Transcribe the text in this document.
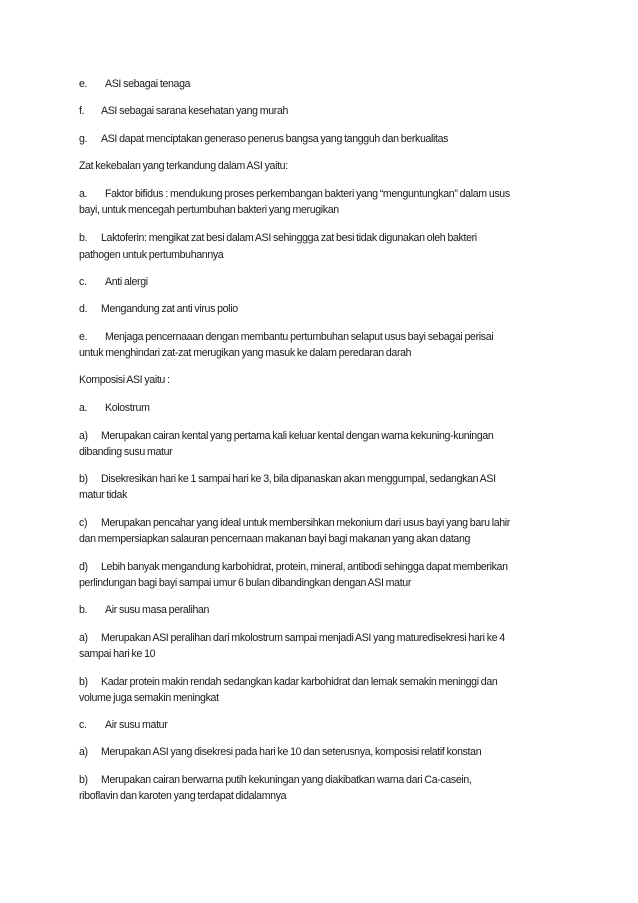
e. ASI sebagai tenaga
f. ASI sebagai sarana kesehatan yang murah
g. ASI dapat menciptakan generaso penerus bangsa yang tangguh dan berkualitas
Zat kekebalan yang terkandung dalam ASI yaitu:
a. Faktor bifidus : mendukung proses perkembangan bakteri yang “menguntungkan” dalam usus
bayi, untuk mencegah pertumbuhan bakteri yang merugikan
b. Laktoferin: mengikat zat besi dalam ASI sehinggga zat besi tidak digunakan oleh bakteri
pathogen untuk pertumbuhannya
c. Anti alergi
d. Mengandung zat anti virus polio
e. Menjaga pencernaaan dengan membantu pertumbuhan selaput usus bayi sebagai perisai
untuk menghindari zat-zat merugikan yang masuk ke dalam peredaran darah
Komposisi ASI yaitu :
a. Kolostrum
a) Merupakan cairan kental yang pertama kali keluar kental dengan warna kekuning-kuningan
dibanding susu matur
b) Disekresikan hari ke 1 sampai hari ke 3, bila dipanaskan akan menggumpal, sedangkan ASI
matur tidak
c) Merupakan pencahar yang ideal untuk membersihkan mekonium dari usus bayi yang baru lahir
dan mempersiapkan salauran pencernaan makanan bayi bagi makanan yang akan datang
d) Lebih banyak mengandung karbohidrat, protein, mineral, antibodi sehingga dapat memberikan
perlindungan bagi bayi sampai umur 6 bulan dibandingkan dengan ASI matur
b. Air susu masa peralihan
a) Merupakan ASI peralihan dari mkolostrum sampai menjadi ASI yang maturedisekresi hari ke 4
sampai hari ke 10
b) Kadar protein makin rendah sedangkan kadar karbohidrat dan lemak semakin meninggi dan
volume juga semakin meningkat
c. Air susu matur
a) Merupakan ASI yang disekresi pada hari ke 10 dan seterusnya, komposisi relatif konstan
b) Merupakan cairan berwarna putih kekuningan yang diakibatkan warna dari Ca-casein,
riboflavin dan karoten yang terdapat didalamnya
